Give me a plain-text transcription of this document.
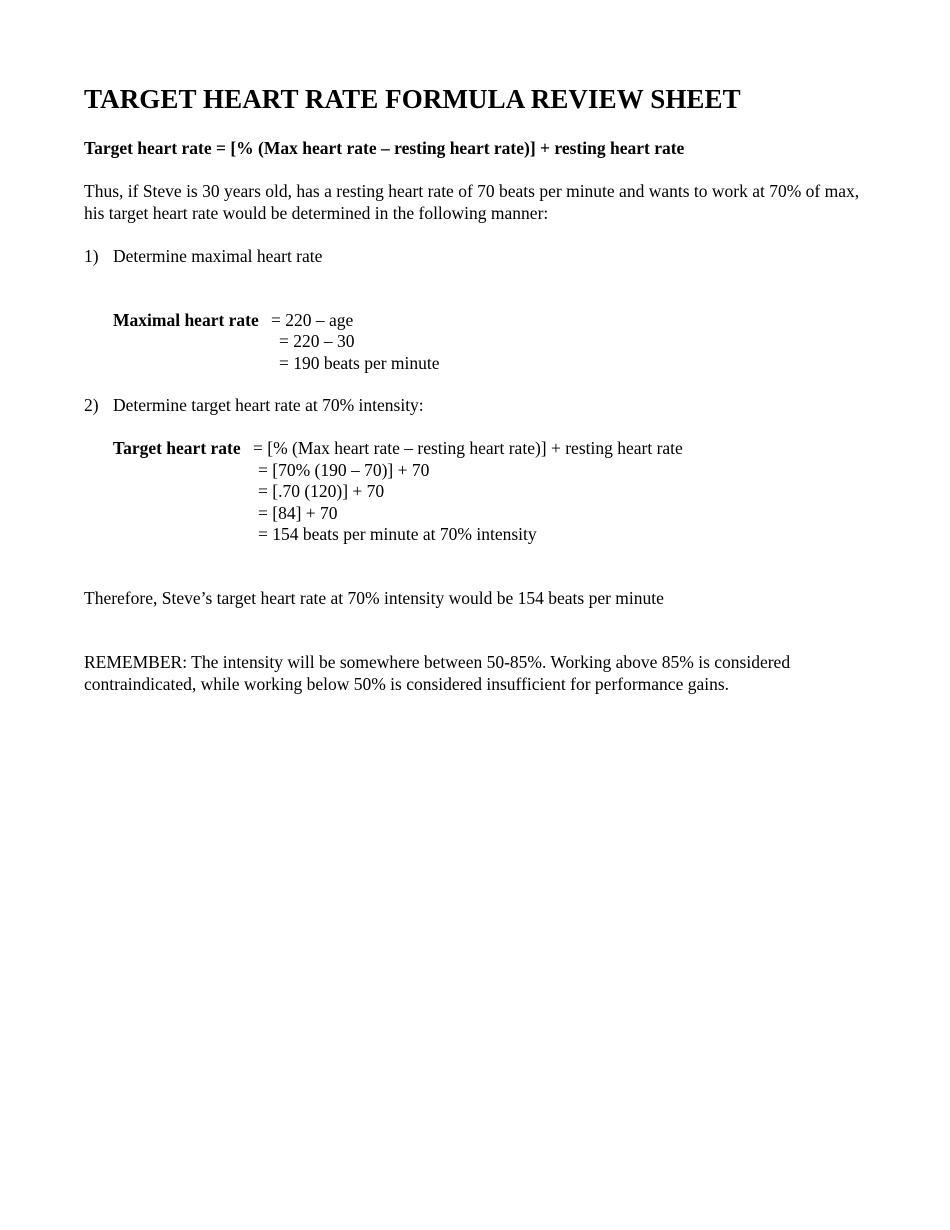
TARGET HEART RATE FORMULA REVIEW SHEET
Target heart rate = [% (Max heart rate – resting heart rate)] + resting heart rate
Thus, if Steve is 30 years old, has a resting heart rate of 70 beats per minute and wants to work at 70% of max, his target heart rate would be determined in the following manner:
1) Determine maximal heart rate
Maximal heart rate = 220 – age
= 220 – 30
= 190 beats per minute
2) Determine target heart rate at 70% intensity:
Target heart rate = [% (Max heart rate – resting heart rate)] + resting heart rate
= [70% (190 – 70)] + 70
= [.70 (120)] + 70
= [84] + 70
= 154 beats per minute at 70% intensity
Therefore, Steve’s target heart rate at 70% intensity would be 154 beats per minute
REMEMBER: The intensity will be somewhere between 50-85%. Working above 85% is considered contraindicated, while working below 50% is considered insufficient for performance gains.
